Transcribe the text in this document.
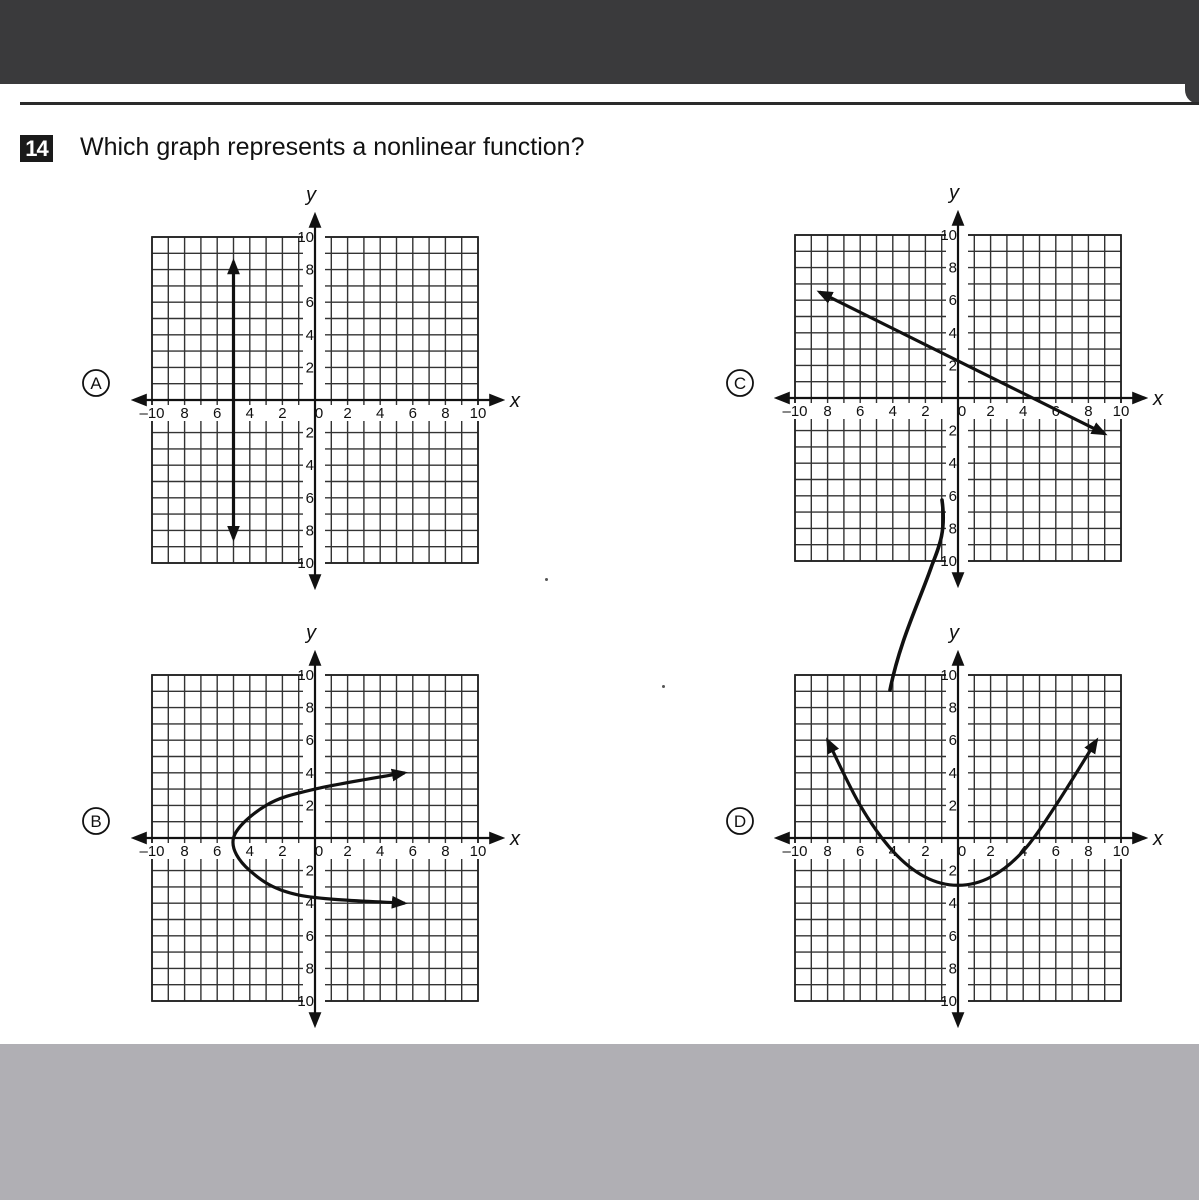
14 Which graph represents a nonlinear function?
x
y
–10 8 6 4 2 0 2 4 6 8 10
10
8
6
4
2
2
4
6
8
10
A
x
y
–10 8 6 4 2 0 2 4 6 8 10
10
8
6
4
2
2
4
6
8
10
C
x
y
–10 8 6 4 2 0 2 4 6 8 10
10
8
6
4
2
2
4
6
8
10
B
x
y
–10 8 6 4 2 0 2 4 6 8 10
10
8
6
4
2
2
4
6
8
10
D
